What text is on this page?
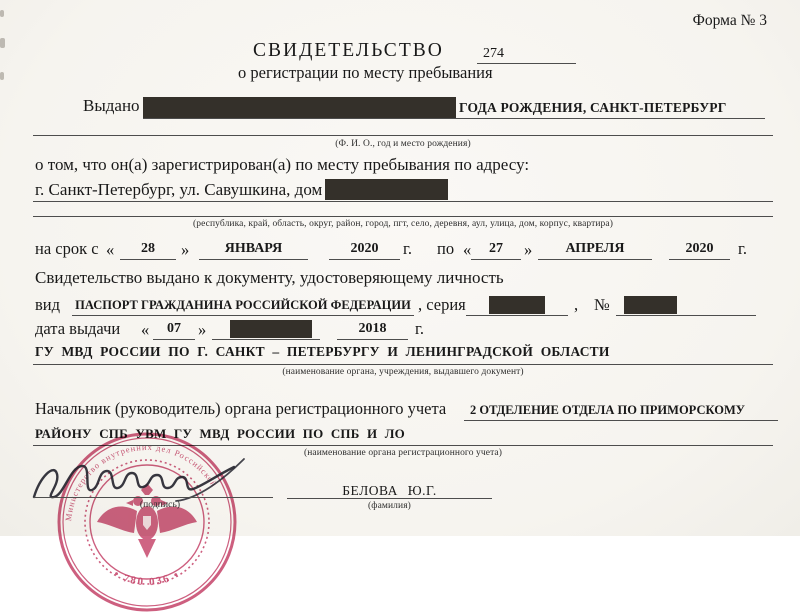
Форма № 3
СВИДЕТЕЛЬСТВО	274
о регистрации по месту пребывания
Выдано	ГОДА РОЖДЕНИЯ, САНКТ-ПЕТЕРБУРГ
(Ф. И. О., год и место рождения)
о том, что он(а) зарегистрирован(а) по месту пребывания по адресу:
г. Санкт-Петербург, ул. Савушкина, дом
(республика, край, область, округ, район, город, пгт, село, деревня, аул, улица, дом, корпус, квартира)
на срок с «	28	»	ЯНВАРЯ	2020	г. по «	27	»	АПРЕЛЯ	2020	г.
Свидетельство выдано к документу, удостоверяющему личность
вид ПАСПОРТ ГРАЖДАНИНА РОССИЙСКОЙ ФЕДЕРАЦИИ , серия	, №
дата выдачи «	07	»	2018	г.
ГУ МВД РОССИИ ПО Г. САНКТ – ПЕТЕРБУРГУ И ЛЕНИНГРАДСКОЙ ОБЛАСТИ
(наименование органа, учреждения, выдавшего документ)
Начальник (руководитель) органа регистрационного учета	2 ОТДЕЛЕНИЕ ОТДЕЛА ПО ПРИМОРСКОМУ
РАЙОНУ СПБ УВМ ГУ МВД РОССИИ ПО СПБ И ЛО
(наименование органа регистрационного учета)
Министерство внутренних дел Российской
• 780 036 •
(подпись)
БЕЛОВА Ю.Г.
(фамилия)
